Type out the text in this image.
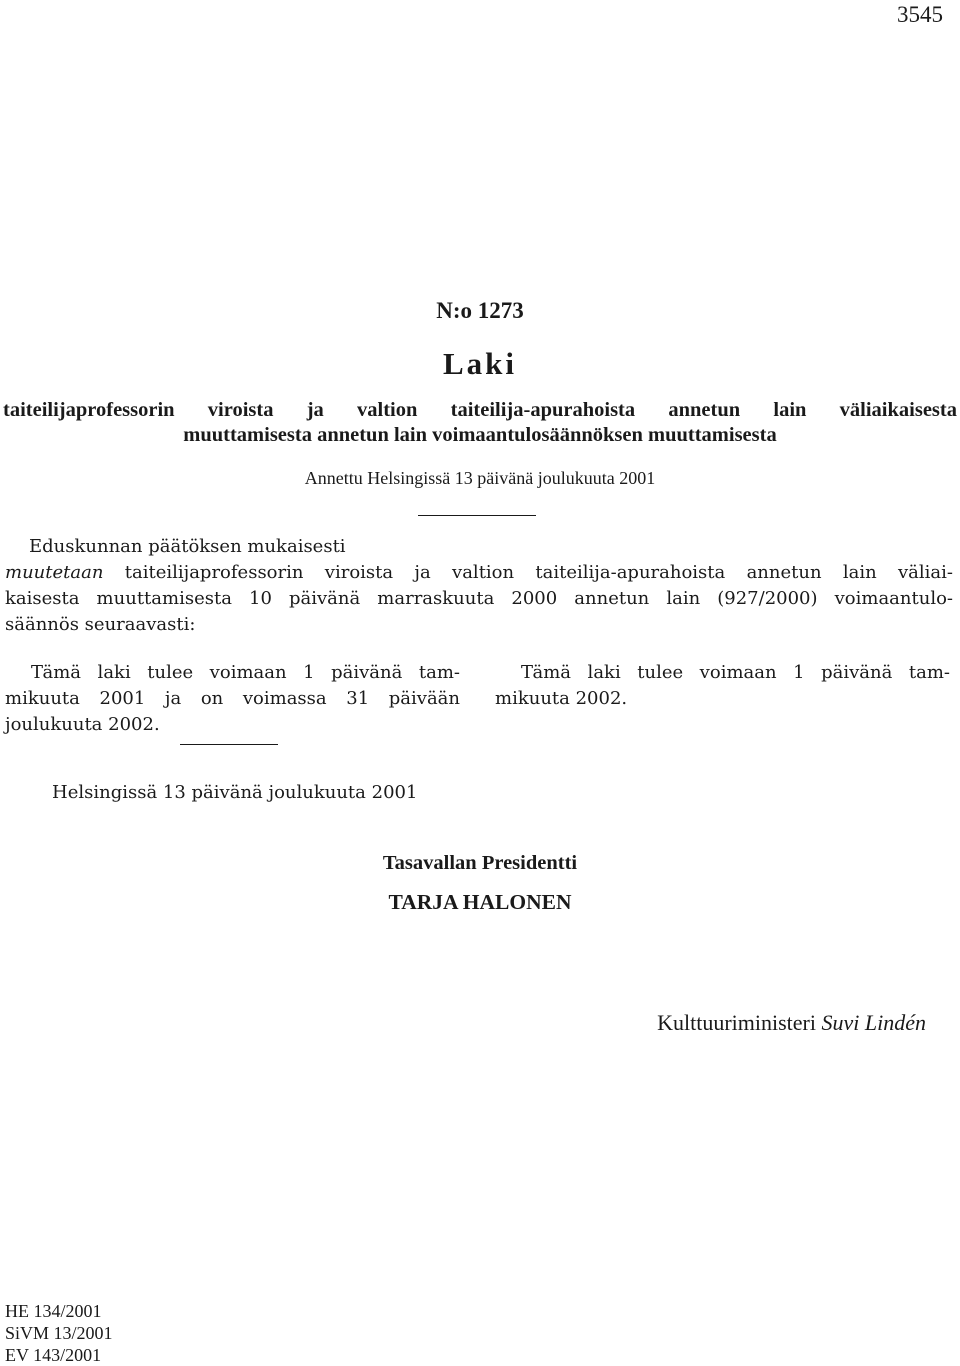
3545
N:o 1273
Laki
taiteilijaprofessorin viroista ja valtion taiteilija-apurahoista annetun lain väliaikaisesta
muuttamisesta annetun lain voimaantulosäännöksen muuttamisesta
Annettu Helsingissä 13 päivänä joulukuuta 2001

Eduskunnan päätöksen mukaisesti

muutetaan taiteilijaprofessorin viroista ja valtion taiteilija-apurahoista annetun lain väliai-

kaisesta muuttamisesta 10 päivänä marraskuuta 2000 annetun lain (927/2000) voimaantulo-

säännös seuraavasti:

Tämä laki tulee voimaan 1 päivänä tam-

mikuuta 2001 ja on voimassa 31 päivään

joulukuuta 2002.

Tämä laki tulee voimaan 1 päivänä tam-

mikuuta 2002.

Helsingissä 13 päivänä joulukuuta 2001
Tasavallan Presidentti
TARJA HALONEN
Kulttuuriministeri Suvi Lindén
HE 134/2001
SiVM 13/2001
EV 143/2001
